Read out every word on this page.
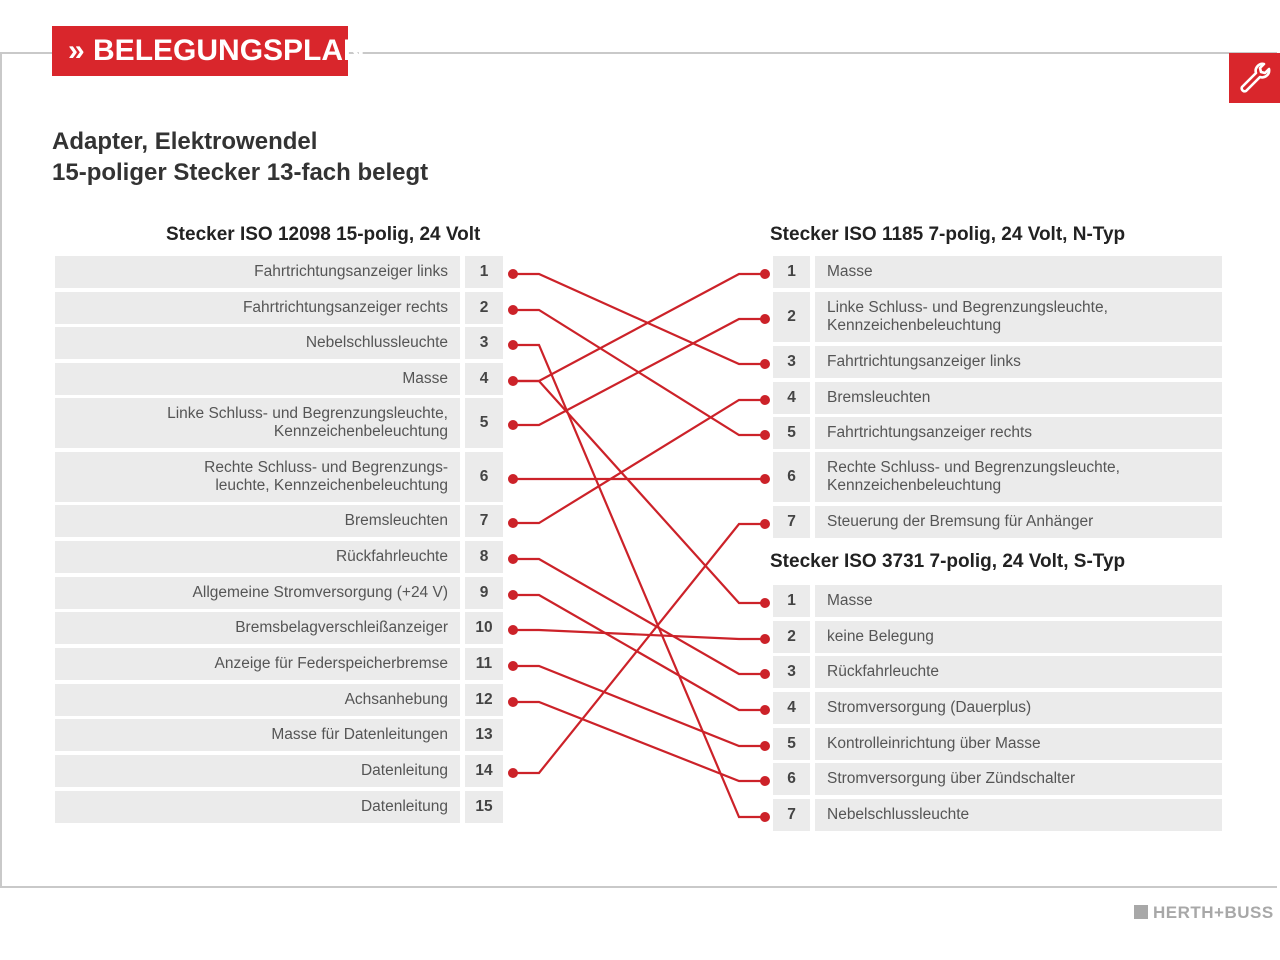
» BELEGUNGSPLAN
Adapter, Elektrowendel
15-poliger Stecker 13-fach belegt
Stecker ISO 12098 15-polig, 24 Volt	Stecker ISO 1185 7-polig, 24 Volt, N-Typ
Stecker ISO 3731 7-polig, 24 Volt, S-Typ
Fahrtrichtungsanzeiger links	1
Fahrtrichtungsanzeiger rechts	2
Nebelschlussleuchte	3
Masse	4
Linke Schluss- und Begrenzungsleuchte,
Kennzeichenbeleuchtung
5
Rechte Schluss- und Begrenzungs-
leuchte, Kennzeichenbeleuchtung
6
Bremsleuchten	7
Rückfahrleuchte	8
Allgemeine Stromversorgung (+24 V)	9
Bremsbelagverschleißanzeiger	10
Anzeige für Federspeicherbremse	11
Achsanhebung	12
Masse für Datenleitungen	13
Datenleitung	14
Datenleitung	15
1	Masse
2
Linke Schluss- und Begrenzungsleuchte,
Kennzeichenbeleuchtung
3	Fahrtrichtungsanzeiger links
4	Bremsleuchten
5	Fahrtrichtungsanzeiger rechts
6
Rechte Schluss- und Begrenzungsleuchte,
Kennzeichenbeleuchtung
7	Steuerung der Bremsung für Anhänger
1	Masse
2	keine Belegung
3	Rückfahrleuchte
4	Stromversorgung (Dauerplus)
5	Kontrolleinrichtung über Masse
6	Stromversorgung über Zündschalter
7	Nebelschlussleuchte
HERTH+BUSS
